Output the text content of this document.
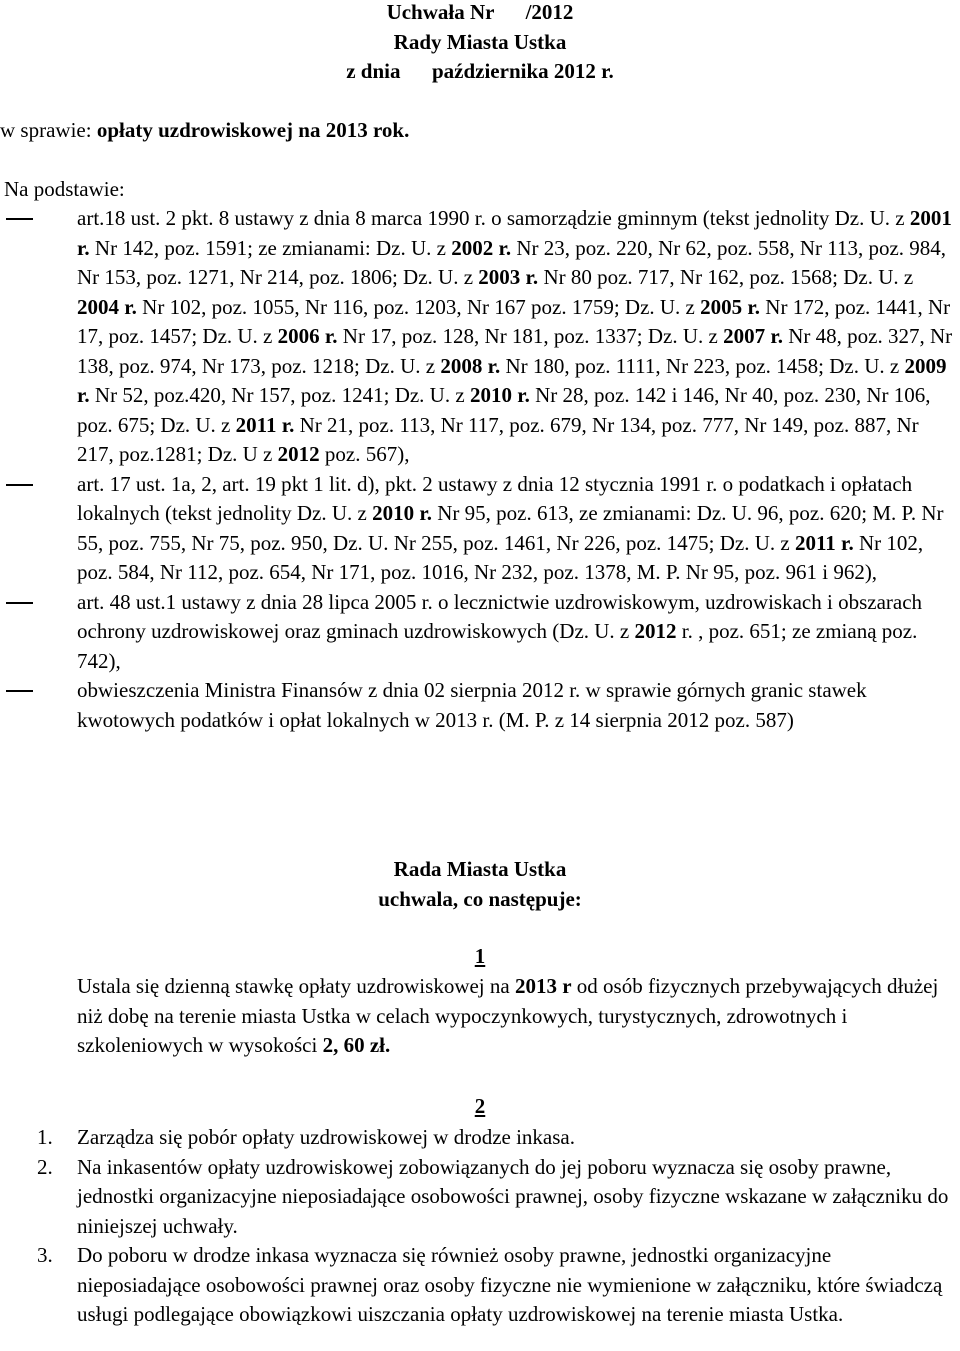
Uchwała Nr      /2012
Rady Miasta Ustka
z dnia      października 2012 r.
w sprawie: opłaty uzdrowiskowej na 2013 rok.
Na podstawie:
art.18 ust. 2 pkt. 8 ustawy z dnia 8 marca 1990 r. o samorządzie gminnym (tekst jednolity Dz. U. z 2001 r. Nr 142, poz. 1591; ze zmianami: Dz. U. z 2002 r. Nr 23, poz. 220, Nr 62, poz. 558, Nr 113, poz. 984, Nr 153, poz. 1271, Nr 214, poz. 1806; Dz. U. z 2003 r. Nr 80 poz. 717, Nr 162, poz. 1568; Dz. U. z 2004 r. Nr 102, poz. 1055, Nr 116, poz. 1203, Nr 167 poz. 1759; Dz. U. z 2005 r. Nr 172, poz. 1441, Nr 17, poz. 1457; Dz. U. z 2006 r. Nr 17, poz. 128, Nr 181, poz. 1337; Dz. U. z 2007 r. Nr 48, poz. 327, Nr 138, poz. 974, Nr 173, poz. 1218; Dz. U. z 2008 r. Nr 180, poz. 1111, Nr 223, poz. 1458; Dz. U. z 2009 r. Nr 52, poz.420, Nr 157, poz. 1241; Dz. U. z 2010 r. Nr 28, poz. 142 i 146, Nr 40, poz. 230, Nr 106, poz. 675; Dz. U. z 2011 r. Nr 21, poz. 113, Nr 117, poz. 679, Nr 134, poz. 777, Nr 149, poz. 887, Nr 217, poz.1281; Dz. U z 2012 poz. 567),
art. 17 ust. 1a, 2, art. 19 pkt 1 lit. d), pkt. 2 ustawy z dnia 12 stycznia 1991 r. o podatkach i opłatach lokalnych (tekst jednolity Dz. U. z 2010 r. Nr 95, poz. 613, ze zmianami: Dz. U. 96, poz. 620; M. P. Nr 55, poz. 755, Nr 75, poz. 950, Dz. U. Nr 255, poz. 1461, Nr 226, poz. 1475; Dz. U. z 2011 r. Nr 102, poz. 584, Nr 112, poz. 654, Nr 171, poz. 1016, Nr 232, poz. 1378, M. P. Nr 95, poz. 961 i 962),
art. 48 ust.1 ustawy z dnia 28 lipca 2005 r. o lecznictwie uzdrowiskowym, uzdrowiskach i obszarach ochrony uzdrowiskowej oraz gminach uzdrowiskowych (Dz. U. z 2012 r. , poz. 651; ze zmianą poz. 742),
obwieszczenia Ministra Finansów z dnia 02 sierpnia 2012 r. w sprawie górnych granic stawek kwotowych podatków i opłat lokalnych w 2013 r. (M. P. z 14 sierpnia 2012 poz. 587)
Rada Miasta Ustka
uchwala, co następuje:
1
Ustala się dzienną stawkę opłaty uzdrowiskowej na 2013 r od osób fizycznych przebywających dłużej niż dobę na terenie miasta Ustka w celach wypoczynkowych, turystycznych, zdrowotnych i szkoleniowych w wysokości 2, 60 zł.
2
1. Zarządza się pobór opłaty uzdrowiskowej w drodze inkasa.
2. Na inkasentów opłaty uzdrowiskowej zobowiązanych do jej poboru wyznacza się osoby prawne, jednostki organizacyjne nieposiadające osobowości prawnej, osoby fizyczne wskazane w załączniku do niniejszej uchwały.
3. Do poboru w drodze inkasa wyznacza się również osoby prawne, jednostki organizacyjne nieposiadające osobowości prawnej oraz osoby fizyczne nie wymienione w załączniku, które świadczą usługi podlegające obowiązkowi uiszczania opłaty uzdrowiskowej na terenie miasta Ustka.
